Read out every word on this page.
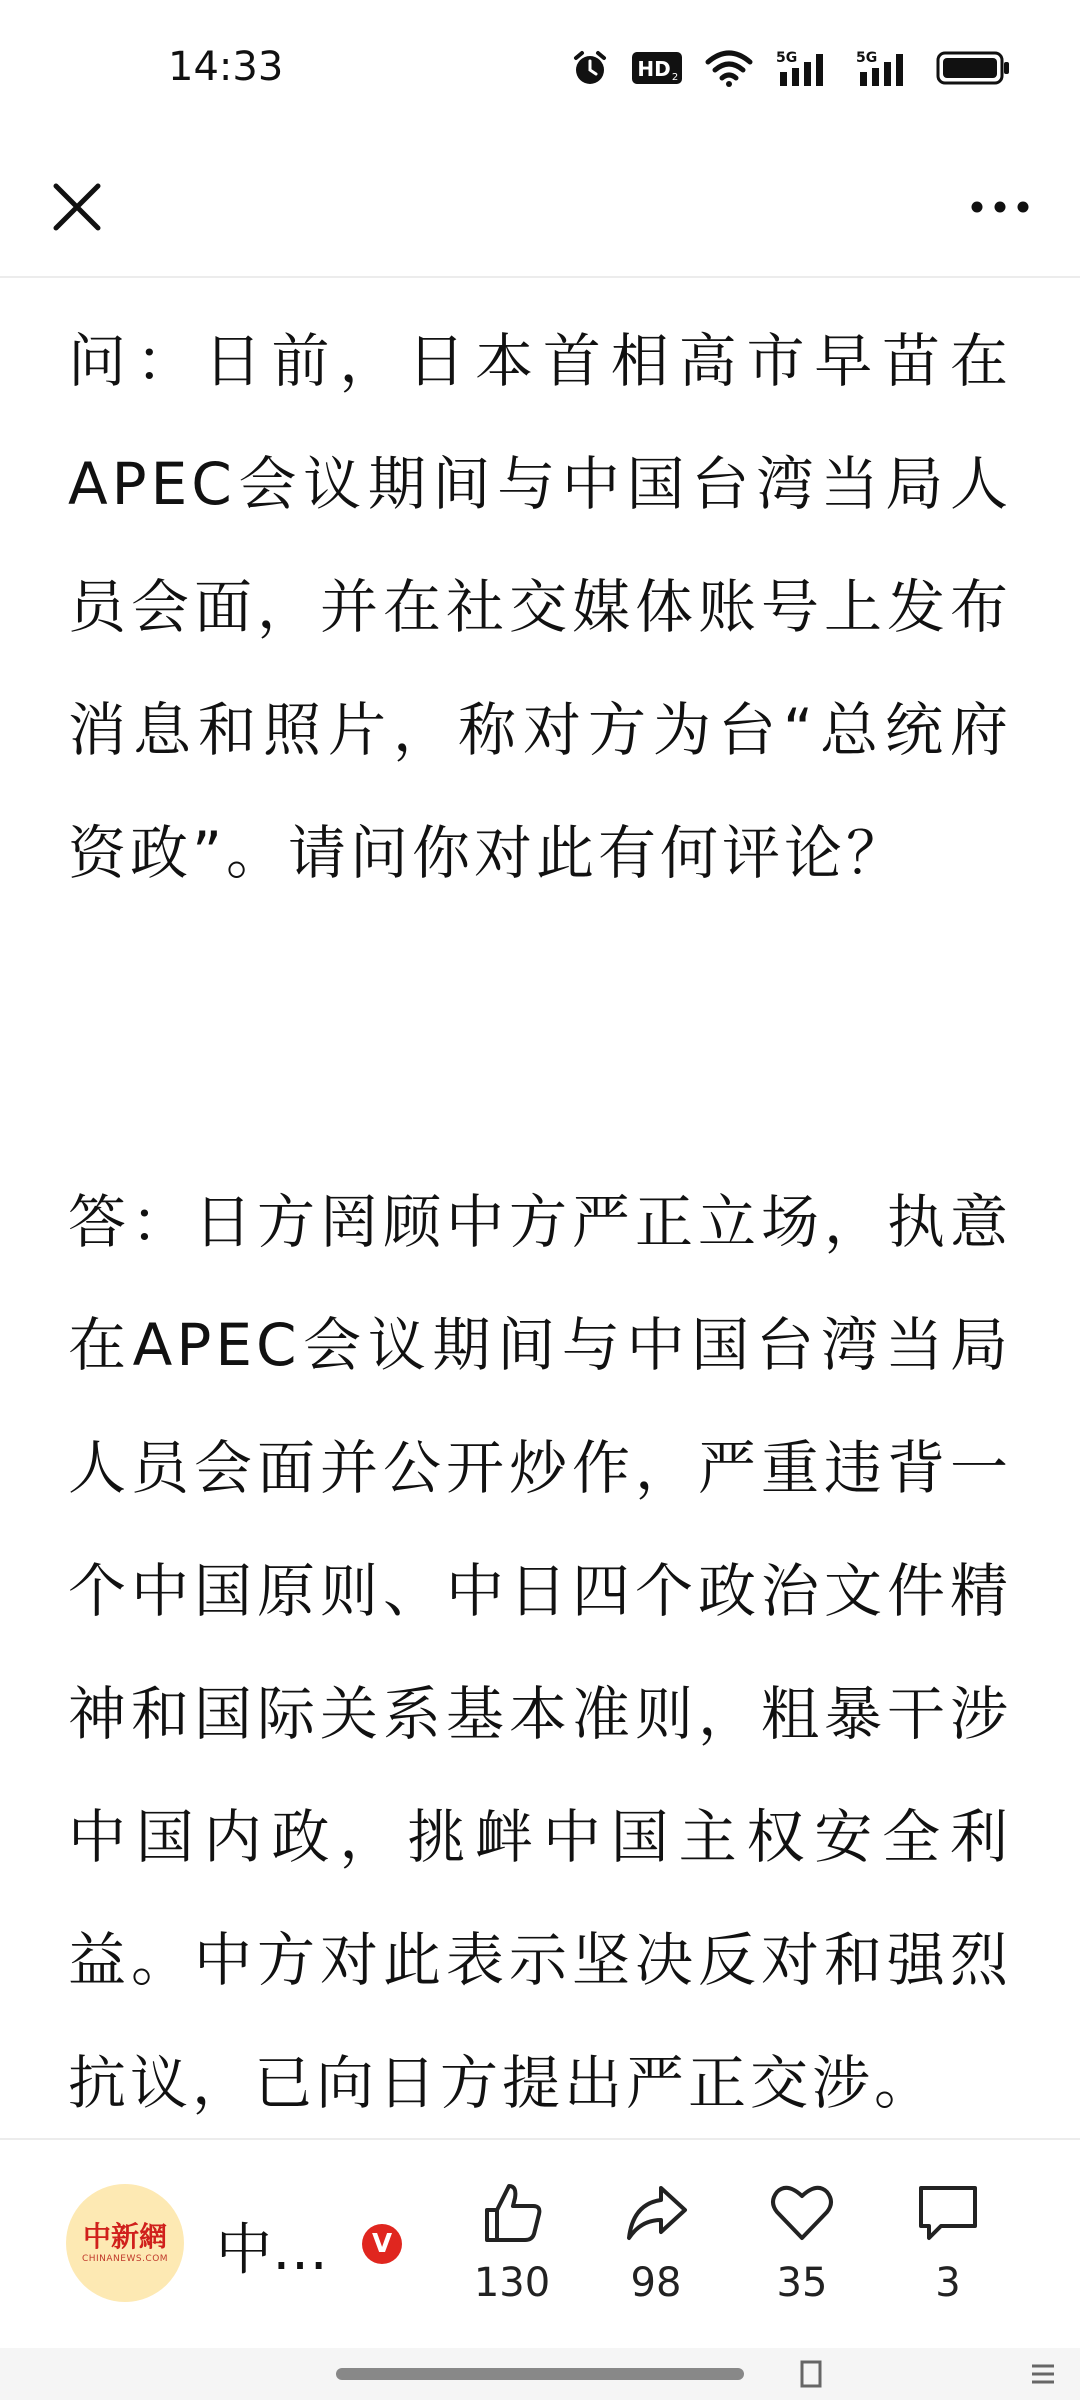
14:33	HD 2
5G	5G

问：日前，日本首相高市早苗在APEC会议期间与中国台湾当局人员会面，并在社交媒体账号上发布消息和照片，称对方为台“总统府资政”。请问你对此有何评论？

答：日方罔顾中方严正立场，执意在APEC会议期间与中国台湾当局人员会面并公开炒作，严重违背一个中国原则、中日四个政治文件精神和国际关系基本准则，粗暴干涉中国内政，挑衅中国主权安全利益。中方对此表示坚决反对和强烈抗议，已向日方提出严正交涉。

中新網
CHINANEWS.COM 中…	V
130 98 35	3
